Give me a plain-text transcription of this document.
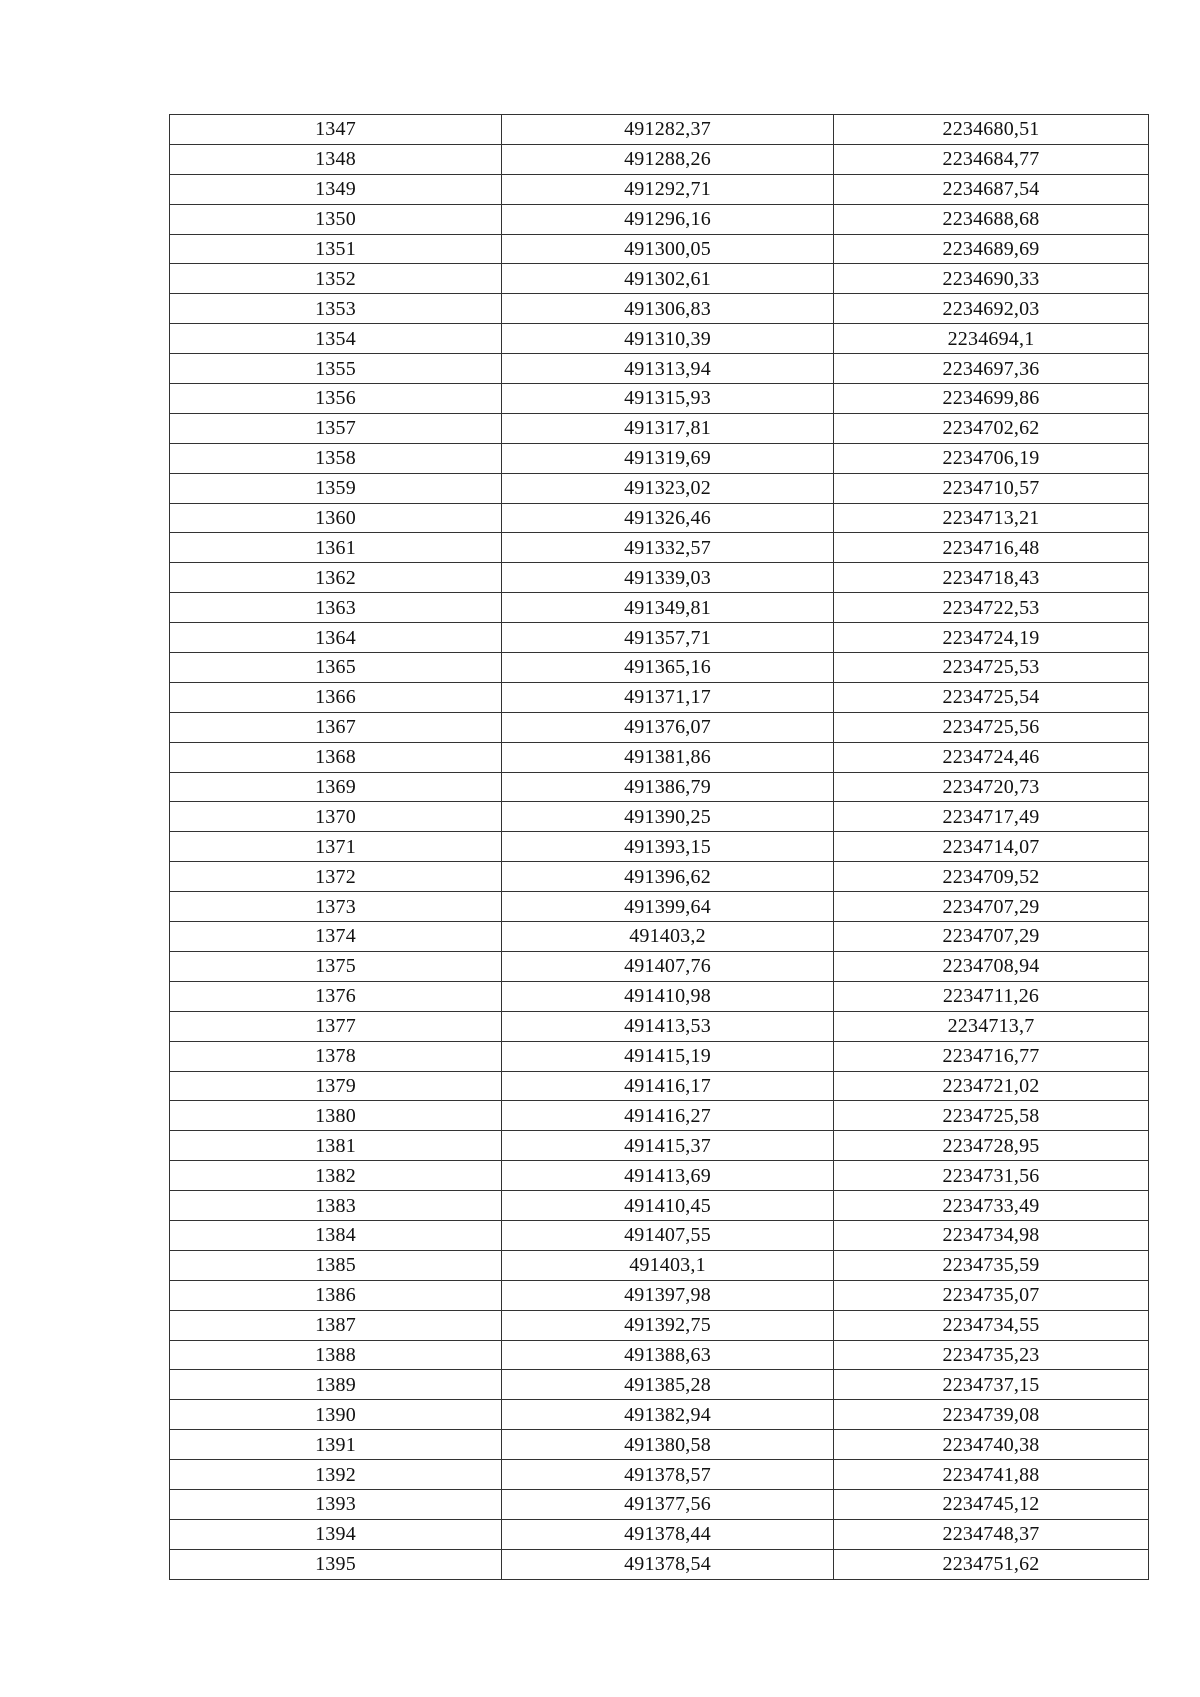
1347	491282,37	2234680,51
1348	491288,26	2234684,77
1349	491292,71	2234687,54
1350	491296,16	2234688,68
1351	491300,05	2234689,69
1352	491302,61	2234690,33
1353	491306,83	2234692,03
1354	491310,39	2234694,1
1355	491313,94	2234697,36
1356	491315,93	2234699,86
1357	491317,81	2234702,62
1358	491319,69	2234706,19
1359	491323,02	2234710,57
1360	491326,46	2234713,21
1361	491332,57	2234716,48
1362	491339,03	2234718,43
1363	491349,81	2234722,53
1364	491357,71	2234724,19
1365	491365,16	2234725,53
1366	491371,17	2234725,54
1367	491376,07	2234725,56
1368	491381,86	2234724,46
1369	491386,79	2234720,73
1370	491390,25	2234717,49
1371	491393,15	2234714,07
1372	491396,62	2234709,52
1373	491399,64	2234707,29
1374	491403,2	2234707,29
1375	491407,76	2234708,94
1376	491410,98	2234711,26
1377	491413,53	2234713,7
1378	491415,19	2234716,77
1379	491416,17	2234721,02
1380	491416,27	2234725,58
1381	491415,37	2234728,95
1382	491413,69	2234731,56
1383	491410,45	2234733,49
1384	491407,55	2234734,98
1385	491403,1	2234735,59
1386	491397,98	2234735,07
1387	491392,75	2234734,55
1388	491388,63	2234735,23
1389	491385,28	2234737,15
1390	491382,94	2234739,08
1391	491380,58	2234740,38
1392	491378,57	2234741,88
1393	491377,56	2234745,12
1394	491378,44	2234748,37
1395	491378,54	2234751,62
